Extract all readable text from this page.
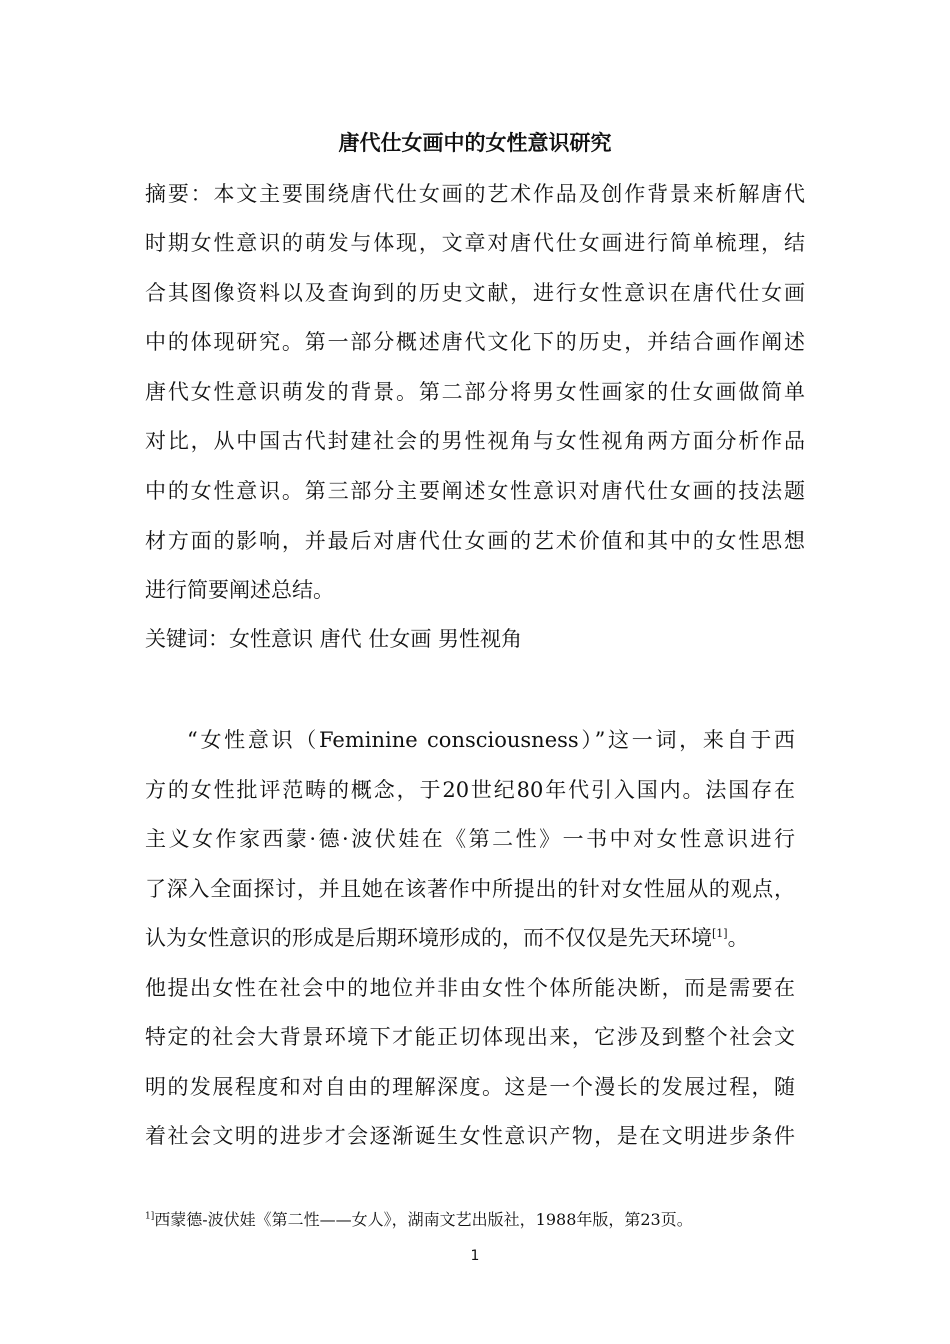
唐代仕女画中的女性意识研究
摘要：本文主要围绕唐代仕女画的艺术作品及创作背景来析解唐代
时期女性意识的萌发与体现，文章对唐代仕女画进行简单梳理，结
合其图像资料以及查询到的历史文献，进行女性意识在唐代仕女画
中的体现研究。第一部分概述唐代文化下的历史，并结合画作阐述
唐代女性意识萌发的背景。第二部分将男女性画家的仕女画做简单
对比，从中国古代封建社会的男性视角与女性视角两方面分析作品
中的女性意识。第三部分主要阐述女性意识对唐代仕女画的技法题
材方面的影响，并最后对唐代仕女画的艺术价值和其中的女性思想
进行简要阐述总结。
关键词：女性意识 唐代 仕女画 男性视角
“女性意识（Feminine consciousness）”这一词，来自于西
方的女性批评范畴的概念，于20世纪80年代引入国内。法国存在
主义女作家西蒙·德·波伏娃在《第二性》一书中对女性意识进行
了深入全面探讨，并且她在该著作中所提出的针对女性屈从的观点，
认为女性意识的形成是后期环境形成的，而不仅仅是先天环境[1]。
他提出女性在社会中的地位并非由女性个体所能决断，而是需要在
特定的社会大背景环境下才能正切体现出来，它涉及到整个社会文
明的发展程度和对自由的理解深度。这是一个漫长的发展过程，随
着社会文明的进步才会逐渐诞生女性意识产物，是在文明进步条件
$^{1]}$西蒙德-波伏娃《第二性——女人》，湖南文艺出版社，1988年版，第23页。
1
